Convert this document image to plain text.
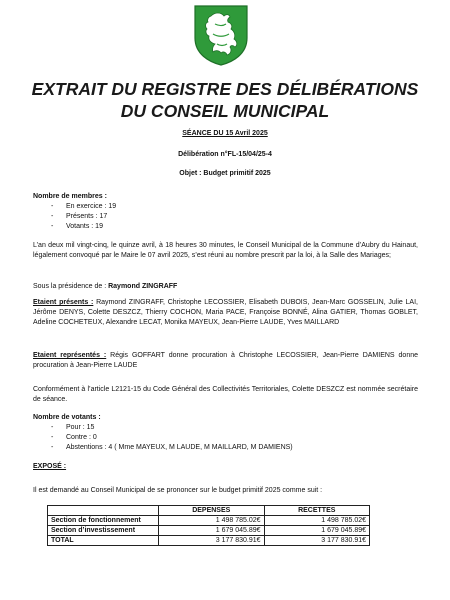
EXTRAIT DU REGISTRE DES DÉLIBÉRATIONS
DU CONSEIL MUNICIPAL
SÉANCE DU 15 Avril 2025
Délibération n°FL-15/04/25-4
Objet : Budget primitif 2025
Nombre de membres :
- En exercice : 19
- Présents : 17
- Votants : 19
L’an deux mil vingt-cinq, le quinze avril, à 18 heures 30 minutes, le Conseil Municipal de la Commune d’Aubry du Hainaut, légalement convoqué par le Maire le 07 avril 2025, s’est réuni au nombre prescrit par la loi, à la Salle des Mariages;
Sous la présidence de : Raymond ZINGRAFF
Etaient présents : Raymond ZINGRAFF, Christophe LECOSSIER, Elisabeth DUBOIS, Jean-Marc GOSSELIN, Julie LAI, Jérôme DENYS, Colette DESZCZ, Thierry COCHON, Maria PACE, Françoise BONNÉ, Alina GATIER, Thomas GOBLET, Adeline COCHETEUX, Alexandre LECAT, Monika MAYEUX, Jean-Pierre LAUDE, Yves MAILLARD
Etaient représentés : Régis GOFFART donne procuration à Christophe LECOSSIER, Jean-Pierre DAMIENS donne procuration à Jean-Pierre LAUDE
Conformément à l’article L2121-15 du Code Général des Collectivités Territoriales, Colette DESZCZ est nommée secrétaire de séance.
Nombre de votants :
- Pour : 15
- Contre : 0
- Abstentions : 4 ( Mme MAYEUX, M LAUDE, M MAILLARD, M DAMIENS)
EXPOSÉ :
Il est demandé au Conseil Municipal de se prononcer sur le budget primitif 2025 comme suit :
	DEPENSES	RECETTES
Section de fonctionnement	1 498 785.02€	1 498 785.02€
Section d’investissement	1 679 045.89€	1 679 045.89€
TOTAL	3 177 830.91€	3 177 830.91€
